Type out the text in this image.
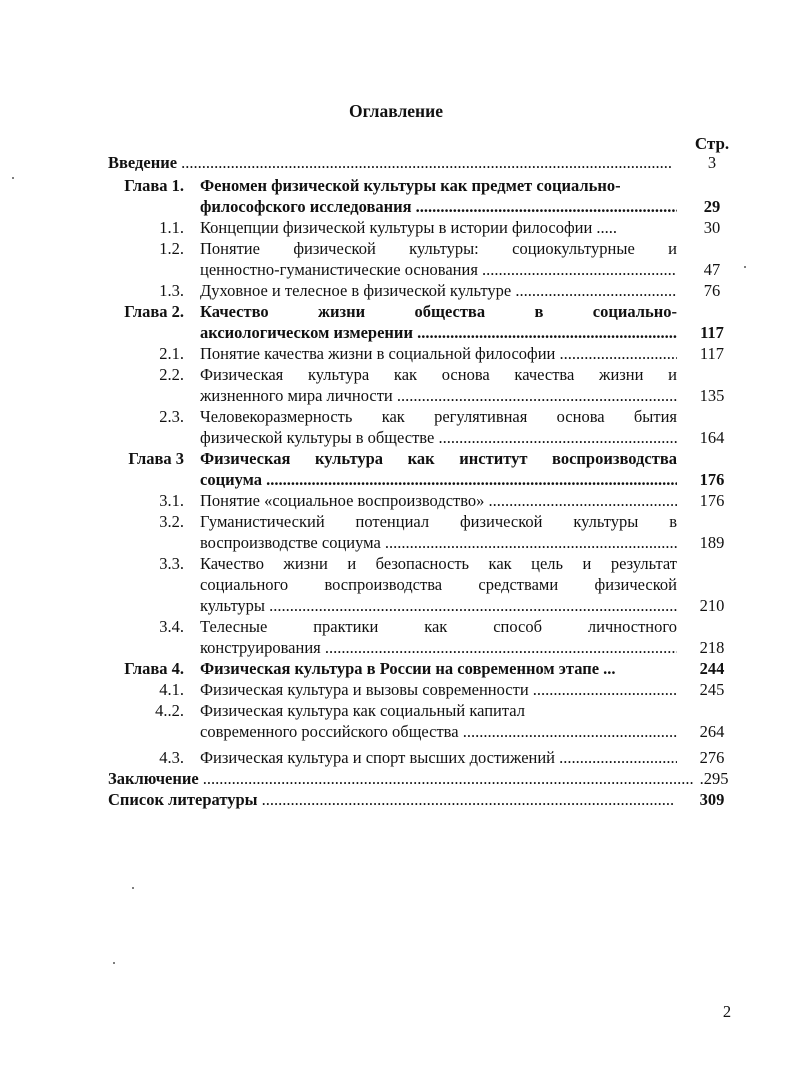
Оглавление
Стр.
Введение .....	3
Глава 1. Феномен физической культуры как предмет социально-
философского исследования .....	29
1.1. Концепции физической культуры в истории философии .....	30
1.2. Понятие физической культуры: социокультурные и
ценностно-гуманистические основания .....	47
1.3. Духовное и телесное в физической культуре .....	76
Глава 2. Качество жизни общества в социально-
аксиологическом измерении .....	117
2.1. Понятие качества жизни в социальной философии .....	117
2.2. Физическая культура как основа качества жизни и
жизненного мира личности .....	135
2.3. Человекоразмерность как регулятивная основа бытия
физической культуры в обществе .....	164
Глава 3 Физическая культура как институт воспроизводства
социума .....	176
3.1. Понятие «социальное воспроизводство» .....	176
3.2. Гуманистический потенциал физической культуры в
воспроизводстве социума .....	189
3.3. Качество жизни и безопасность как цель и результат
социального воспроизводства средствами физической
культуры .....	210
3.4. Телесные практики как способ личностного
конструирования .....	218
Глава 4. Физическая культура в России на современном этапе ...	244
4.1. Физическая культура и вызовы современности .....	245
4..2. Физическая культура как социальный капитал
современного российского общества .....	264
4.3. Физическая культура и спорт высших достижений .....	276
Заключение .....	.295
Список литературы .....	309
2
